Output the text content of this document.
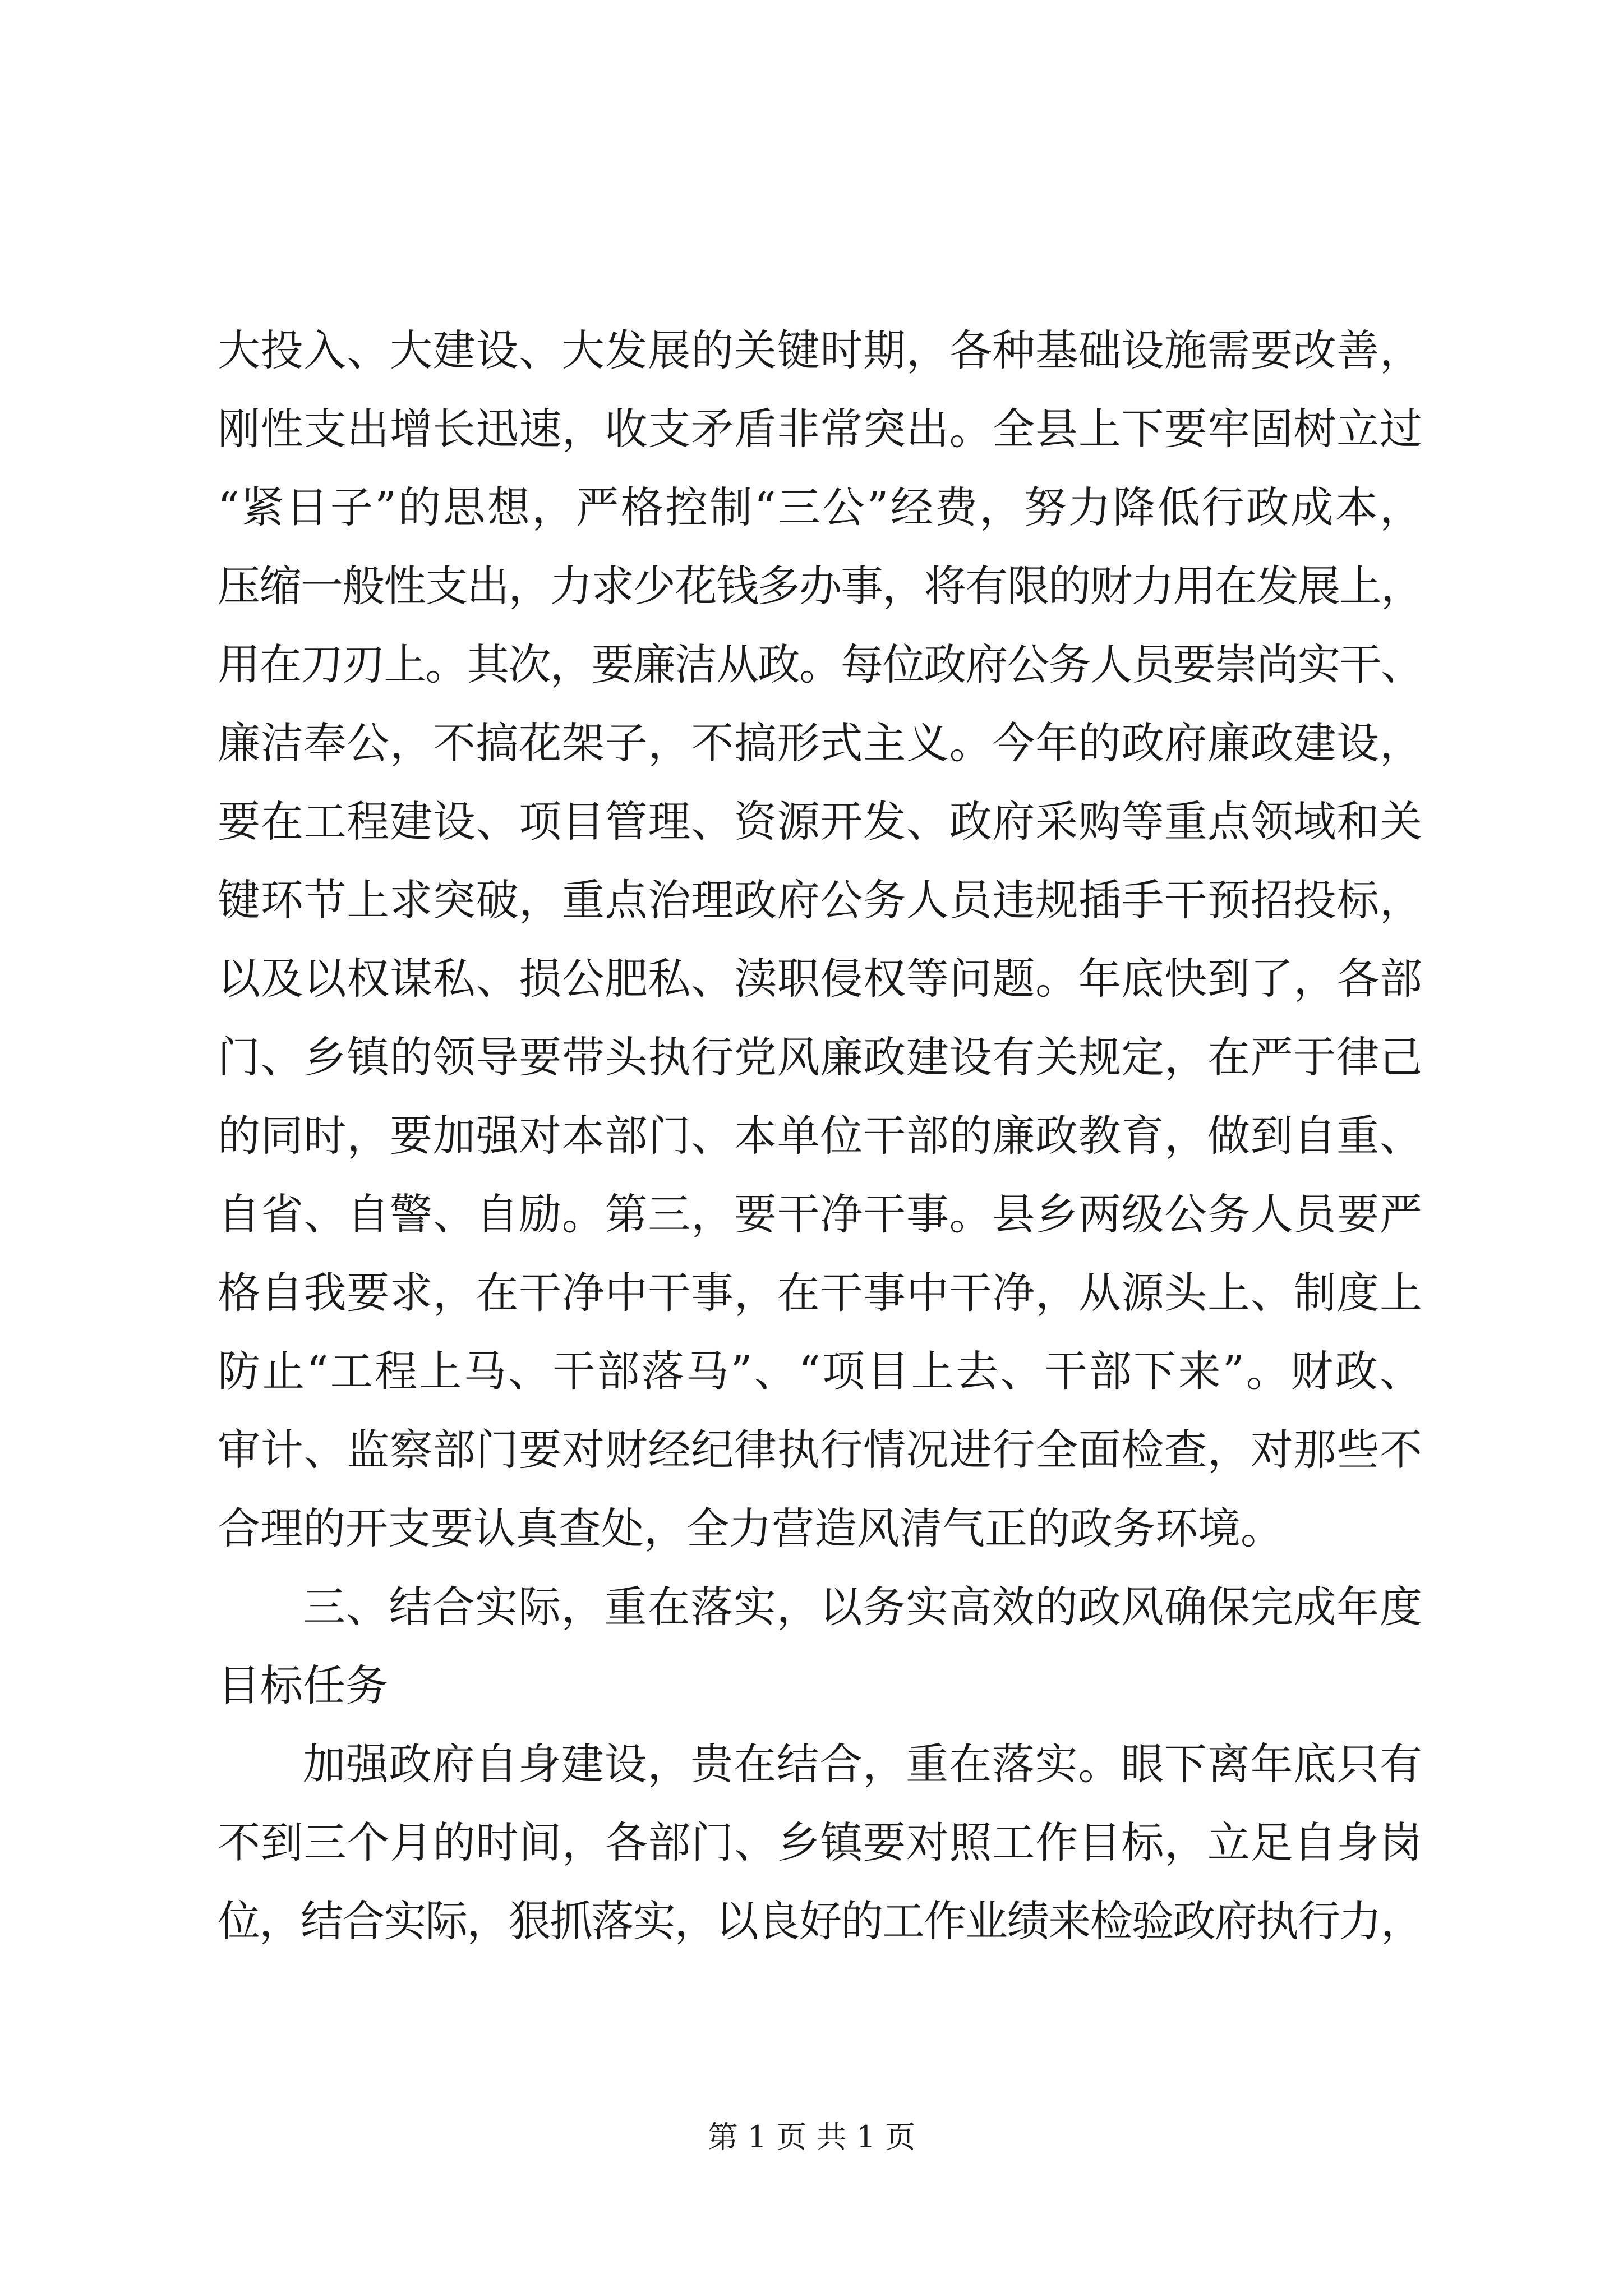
大投入、大建设、大发展的关键时期，各种基础设施需要改善，
刚性支出增长迅速，收支矛盾非常突出。全县上下要牢固树立过
“紧日子”的思想，严格控制“三公”经费，努力降低行政成本，
压缩一般性支出，力求少花钱多办事，将有限的财力用在发展上，
用在刀刃上。其次，要廉洁从政。每位政府公务人员要崇尚实干、
廉洁奉公，不搞花架子，不搞形式主义。今年的政府廉政建设，
要在工程建设、项目管理、资源开发、政府采购等重点领域和关
键环节上求突破，重点治理政府公务人员违规插手干预招投标，
以及以权谋私、损公肥私、渎职侵权等问题。年底快到了，各部
门、乡镇的领导要带头执行党风廉政建设有关规定，在严于律己
的同时，要加强对本部门、本单位干部的廉政教育，做到自重、
自省、自警、自励。第三，要干净干事。县乡两级公务人员要严
格自我要求，在干净中干事，在干事中干净，从源头上、制度上
防止“工程上马、干部落马”、“项目上去、干部下来”。财政、
审计、监察部门要对财经纪律执行情况进行全面检查，对那些不
合理的开支要认真查处，全力营造风清气正的政务环境。
三、结合实际，重在落实，以务实高效的政风确保完成年度
目标任务
加强政府自身建设，贵在结合，重在落实。眼下离年底只有
不到三个月的时间，各部门、乡镇要对照工作目标，立足自身岗
位，结合实际，狠抓落实，以良好的工作业绩来检验政府执行力，
第 1 页 共 1 页
